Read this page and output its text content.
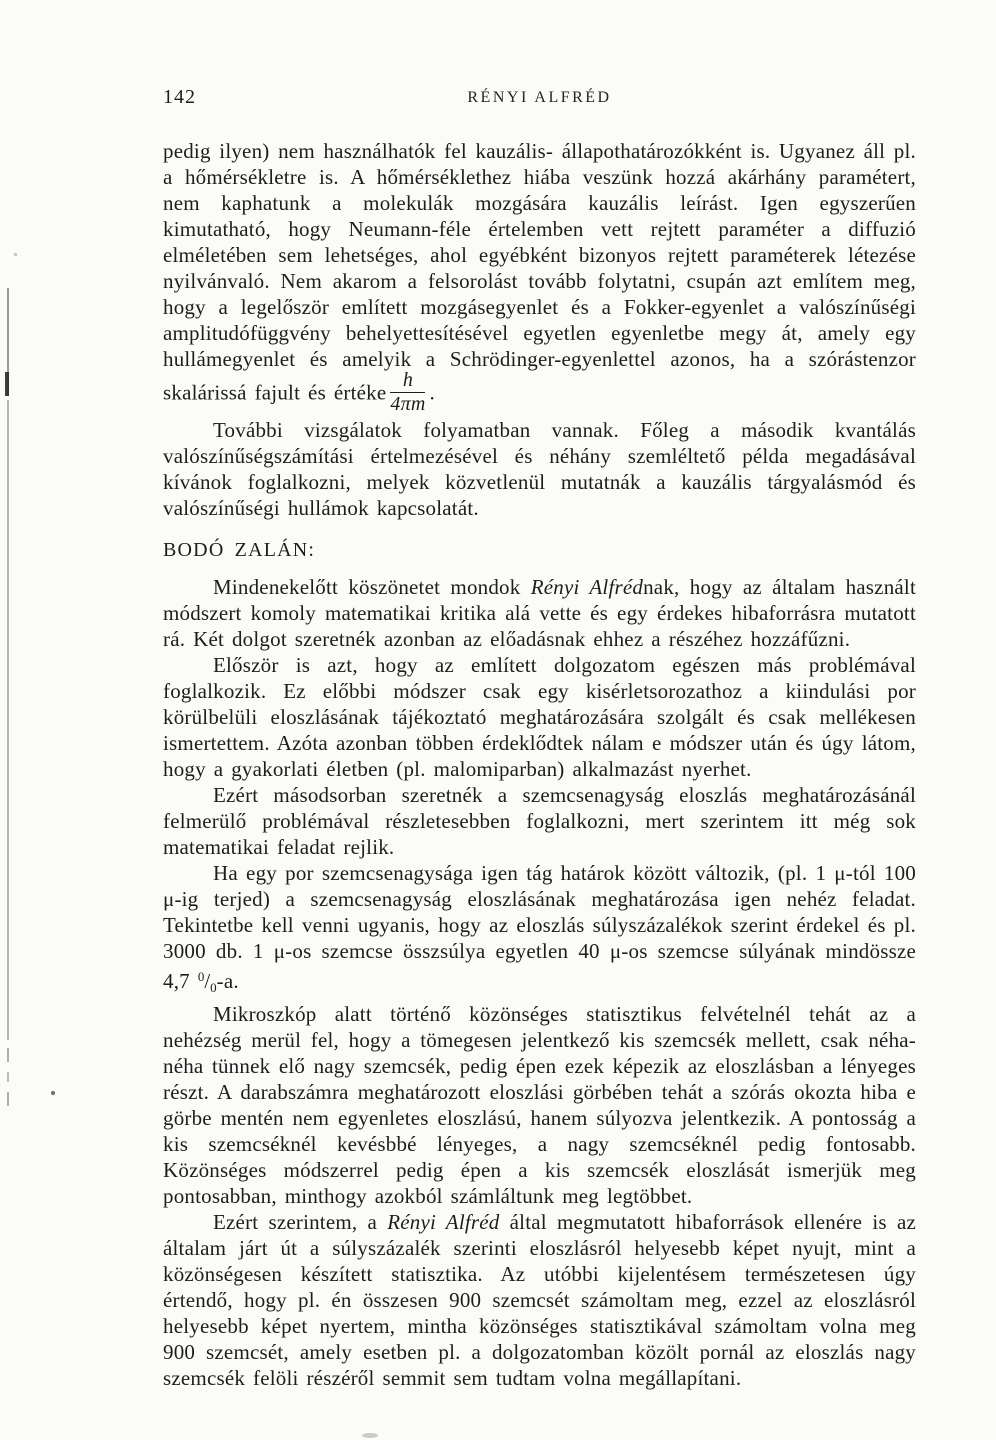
142	RÉNYI ALFRÉD

pedig ilyen) nem használhatók fel kauzális- állapothatározókként is. Ugyanez áll pl. a hőmérsékletre is. A hőmérséklethez hiába veszünk hozzá akárhány paramétert, nem kaphatunk a molekulák mozgására kauzális leírást. Igen egyszerűen kimutatható, hogy Neumann-féle értelemben vett rejtett paraméter a diffuzió elméletében sem lehetséges, ahol egyébként bizonyos rejtett paraméterek létezése nyilvánvaló. Nem akarom a felsorolást tovább folytatni, csupán azt említem meg, hogy a legelőször említett mozgásegyenlet és a Fokker-egyenlet a valószínűségi amplitudófüggvény behelyettesítésével egyetlen egyenletbe megy át, amely egy hullámegyenlet és amelyik a Schrödinger-egyenlettel azonos, ha a szórástenzor skalárissá fajult és értéke $\frac{h}{4\pi m}$ .

További vizsgálatok folyamatban vannak. Főleg a második kvantálás valószínűségszámítási értelmezésével és néhány szemléltető példa megadásával kívánok foglalkozni, melyek közvetlenül mutatnák a kauzális tárgyalásmód és valószínűségi hullámok kapcsolatát.

BODÓ ZALÁN:

Mindenekelőtt köszönetet mondok Rényi Alfrédnak, hogy az általam használt módszert komoly matematikai kritika alá vette és egy érdekes hibaforrásra mutatott rá. Két dolgot szeretnék azonban az előadásnak ehhez a részéhez hozzáfűzni.

Először is azt, hogy az említett dolgozatom egészen más problémával foglalkozik. Ez előbbi módszer csak egy kisérletsorozathoz a kiindulási por körülbelüli eloszlásának tájékoztató meghatározására szolgált és csak mellékesen ismertettem. Azóta azonban többen érdeklődtek nálam e módszer után és úgy látom, hogy a gyakorlati életben (pl. malomiparban) alkalmazást nyerhet.

Ezért másodsorban szeretnék a szemcsenagyság eloszlás meghatározásánál felmerülő problémával részletesebben foglalkozni, mert szerintem itt még sok matematikai feladat rejlik.

Ha egy por szemcsenagysága igen tág határok között változik, (pl. 1 μ-tól 100 μ-ig terjed) a szemcsenagyság eloszlásának meghatározása igen nehéz feladat. Tekintetbe kell venni ugyanis, hogy az eloszlás súlyszázalékok szerint érdekel és pl. 3000 db. 1 μ-os szemcse összsúlya egyetlen 40 μ-os szemcse súlyának mindössze 4,7 $^0$/0-a.

Mikroszkóp alatt történő közönséges statisztikus felvételnél tehát az a nehézség merül fel, hogy a tömegesen jelentkező kis szemcsék mellett, csak néha-néha tünnek elő nagy szemcsék, pedig épen ezek képezik az eloszlásban a lényeges részt. A darabszámra meghatározott eloszlási görbében tehát a szórás okozta hiba e görbe mentén nem egyenletes eloszlású, hanem súlyozva jelentkezik. A pontosság a kis szemcséknél kevésbbé lényeges, a nagy szemcséknél pedig fontosabb. Közönséges módszerrel pedig épen a kis szemcsék eloszlását ismerjük meg pontosabban, minthogy azokból számláltunk meg legtöbbet.

Ezért szerintem, a Rényi Alfréd által megmutatott hibaforrások ellenére is az általam járt út a súlyszázalék szerinti eloszlásról helyesebb képet nyujt, mint a közönségesen készített statisztika. Az utóbbi kijelentésem természetesen úgy értendő, hogy pl. én összesen 900 szemcsét számoltam meg, ezzel az eloszlásról helyesebb képet nyertem, mintha közönséges statisztikával számoltam volna meg 900 szemcsét, amely esetben pl. a dolgozatomban közölt pornál az eloszlás nagy szemcsék felöli részéről semmit sem tudtam volna megállapítani.
